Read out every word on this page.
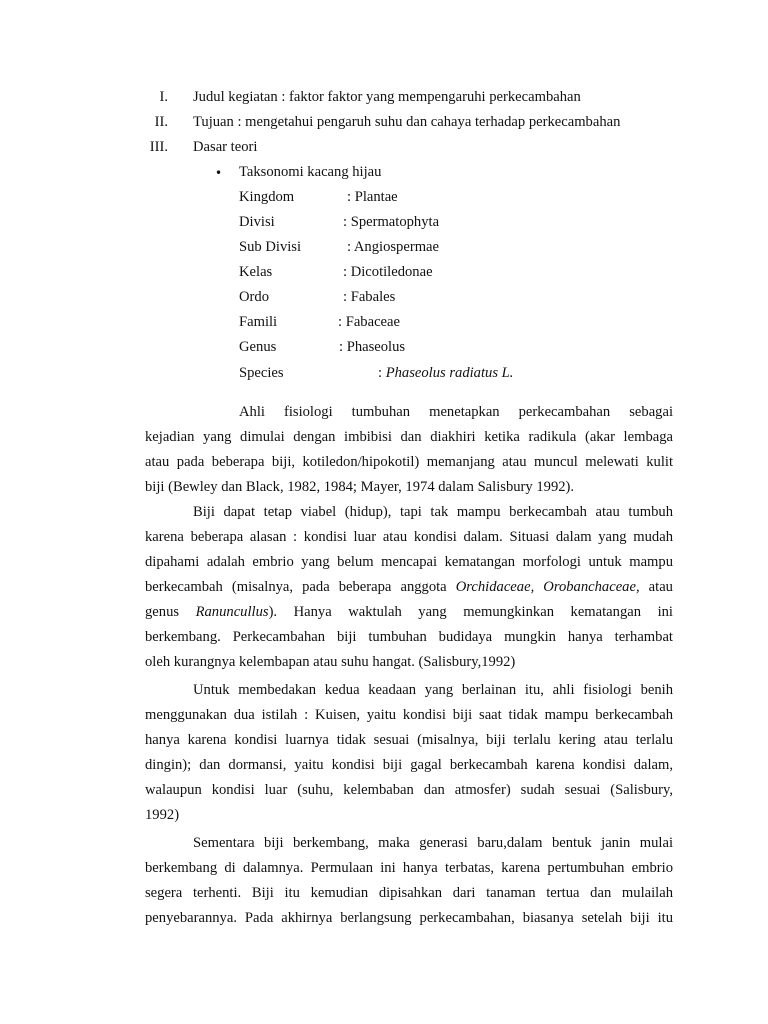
I. Judul kegiatan : faktor faktor yang mempengaruhi perkecambahan
II. Tujuan : mengetahui pengaruh suhu dan cahaya terhadap perkecambahan
III. Dasar teori
• Taksonomi kacang hijau
Kingdom	: Plantae
Divisi	: Spermatophyta
Sub Divisi	: Angiospermae
Kelas	: Dicotiledonae
Ordo	: Fabales
Famili	: Fabaceae
Genus	: Phaseolus
Species	: Phaseolus radiatus L.
Ahli fisiologi tumbuhan menetapkan perkecambahan sebagai
kejadian yang dimulai dengan imbibisi dan diakhiri ketika radikula (akar lembaga
atau pada beberapa biji, kotiledon/hipokotil) memanjang atau muncul melewati kulit
biji (Bewley dan Black, 1982, 1984; Mayer, 1974 dalam Salisbury 1992).
Biji dapat tetap viabel (hidup), tapi tak mampu berkecambah atau tumbuh
karena beberapa alasan : kondisi luar atau kondisi dalam. Situasi dalam yang mudah
dipahami adalah embrio yang belum mencapai kematangan morfologi untuk mampu
berkecambah (misalnya, pada beberapa anggota Orchidaceae, Orobanchaceae, atau
genus Ranuncullus). Hanya waktulah yang memungkinkan kematangan ini
berkembang. Perkecambahan biji tumbuhan budidaya mungkin hanya terhambat
oleh kurangnya kelembapan atau suhu hangat. (Salisbury,1992)
Untuk membedakan kedua keadaan yang berlainan itu, ahli fisiologi benih
menggunakan dua istilah : Kuisen, yaitu kondisi biji saat tidak mampu berkecambah
hanya karena kondisi luarnya tidak sesuai (misalnya, biji terlalu kering atau terlalu
dingin); dan dormansi, yaitu kondisi biji gagal berkecambah karena kondisi dalam,
walaupun kondisi luar (suhu, kelembaban dan atmosfer) sudah sesuai (Salisbury,
1992)
Sementara biji berkembang, maka generasi baru,dalam bentuk janin mulai
berkembang di dalamnya. Permulaan ini hanya terbatas, karena pertumbuhan embrio
segera terhenti. Biji itu kemudian dipisahkan dari tanaman tertua dan mulailah
penyebarannya. Pada akhirnya berlangsung perkecambahan, biasanya setelah biji itu
